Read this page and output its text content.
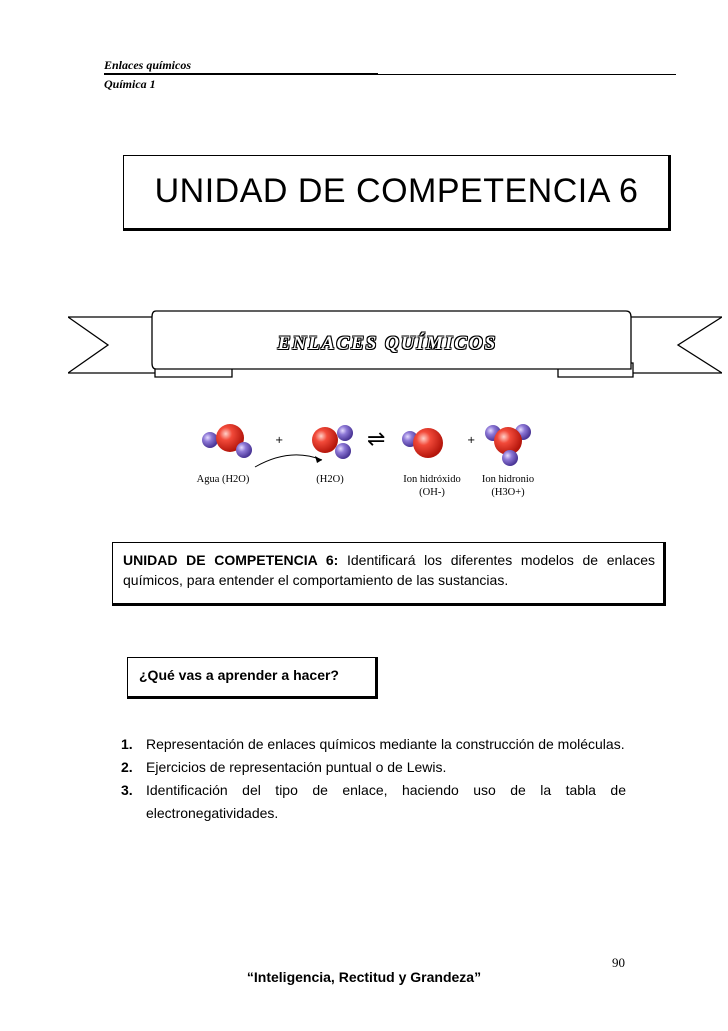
Enlaces químicos
Química 1
UNIDAD DE COMPETENCIA 6
ENLACES QUÍMICOS
+	⇌	+
Agua (H2O)	(H2O)	Ion hidróxido
(OH-)
Ion hidronio
(H3O+)
UNIDAD DE COMPETENCIA 6: Identificará los diferentes modelos de enlaces químicos, para entender el comportamiento de las sustancias.
¿Qué vas a aprender a hacer?
1. Representación de enlaces químicos mediante la construcción de moléculas.
2. Ejercicios de representación puntual o de Lewis.
3. Identificación del tipo de enlace, haciendo uso de la tabla de electronegatividades.
90
“Inteligencia, Rectitud y Grandeza”
